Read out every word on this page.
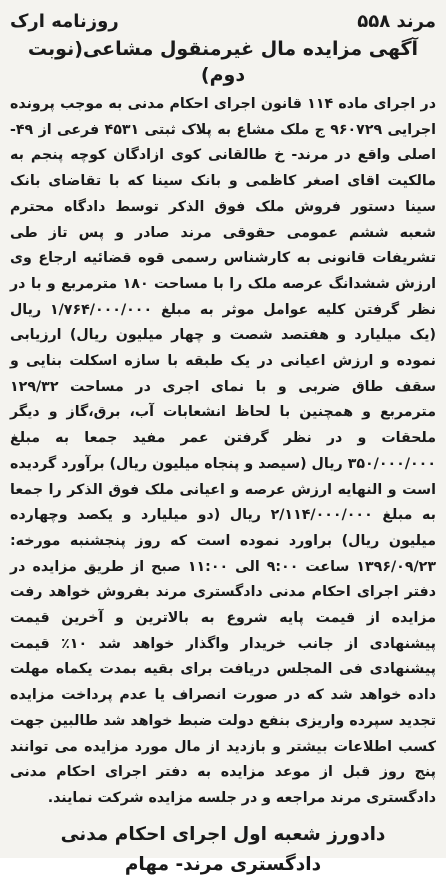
مرند ۵۵۸
روزنامه ارک
آگهی مزایده مال غیرمنقول مشاعی(نوبت دوم)

در اجرای ماده ۱۱۴ قانون اجرای احکام مدنی به موجب پرونده اجرایی ۹۶۰۷۲۹ ج ملک مشاع به پلاک ثبتی ۴۵۳۱ فرعی از ۴۹- اصلی واقع در مرند- خ طالقانی کوی ازادگان کوچه پنجم به مالکیت اقای اصغر کاظمی و بانک سینا که با تقاضای بانک سینا دستور فروش ملک فوق الذکر توسط دادگاه محترم شعبه ششم عمومی حقوقی مرند صادر و پس تاز طی تشریفات قانونی به کارشناس رسمی قوه قضائیه ارجاع وی ارزش ششدانگ عرصه ملک را با مساحت ۱۸۰ مترمربع و با در نظر گرفتن کلیه عوامل موثر به مبلغ ۱/۷۶۴/۰۰۰/۰۰۰ ریال (یک میلیارد و هفتصد شصت و چهار میلیون ریال) ارزیابی نموده و ارزش اعیانی در یک طبقه با سازه اسکلت بنایی و سقف طاق ضربی و با نمای اجری در مساحت ۱۲۹/۳۲ مترمربع و همچنین با لحاظ انشعابات آب، برق،گاز و دیگر ملحقات و در نظر گرفتن عمر مفید جمعا به مبلغ ۳۵۰/۰۰۰/۰۰۰ ریال (سیصد و پنجاه میلیون ریال) برآورد گردیده است و النهایه ارزش عرصه و اعیانی ملک فوق الذکر را جمعا به مبلغ ۲/۱۱۴/۰۰۰/۰۰۰ ریال (دو میلیارد و یکصد وچهارده میلیون ریال) براورد نموده است که روز پنجشنبه مورخه: ۱۳۹۶/۰۹/۲۳ ساعت ۹:۰۰ الی ۱۱:۰۰ صبح از طریق مزایده در دفتر اجرای احکام مدنی دادگستری مرند بفروش خواهد رفت مزایده از قیمت پایه شروع به بالاترین و آخرین قیمت پیشنهادی از جانب خریدار واگذار خواهد شد ۱۰٪ قیمت پیشنهادی فی المجلس دریافت برای بقیه بمدت یکماه مهلت داده خواهد شد که در صورت انصراف یا عدم پرداخت مزایده تجدید سپرده واریزی بنفع دولت ضبط خواهد شد طالبین جهت کسب اطلاعات بیشتر و بازدید از مال مورد مزایده می توانند پنج روز قبل از موعد مزایده به دفتر اجرای احکام مدنی دادگستری مرند مراجعه و در جلسه مزایده شرکت نمایند.

دادورز شعبه اول اجرای احکام مدنی
دادگستری مرند- مهام
